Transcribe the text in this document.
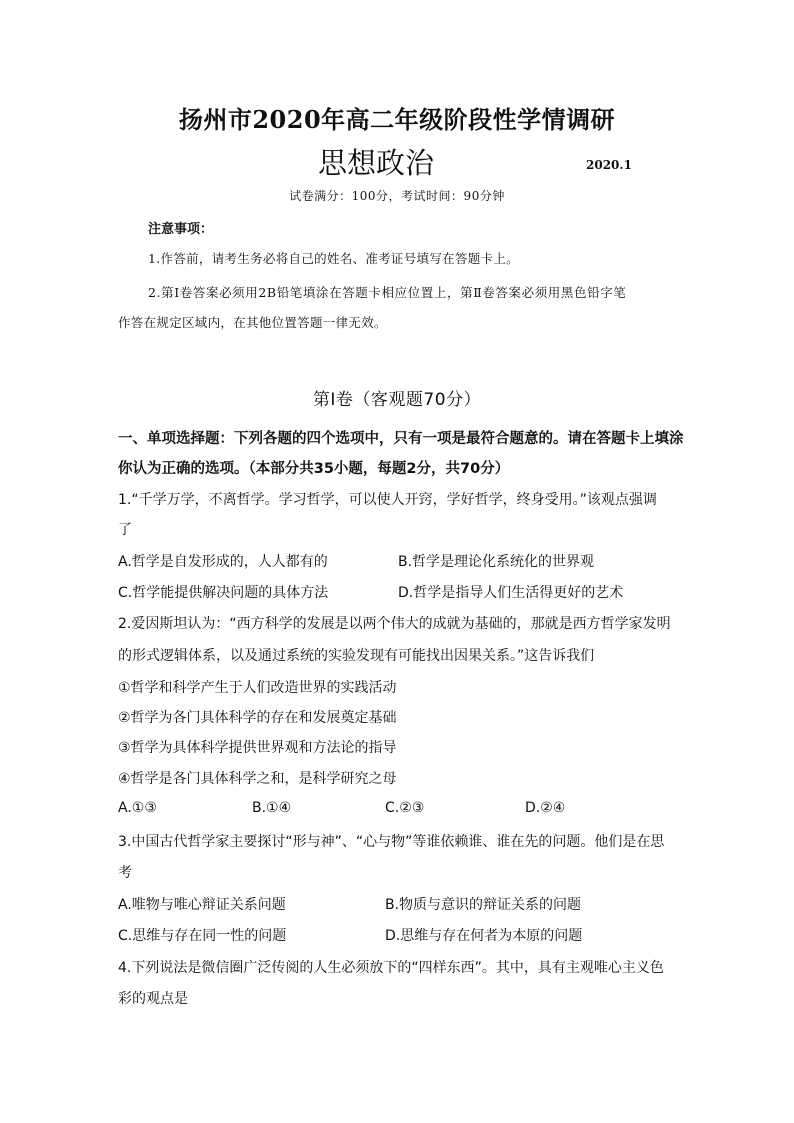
扬州市2020年高二年级阶段性学情调研
思想政治	2020.1
试卷满分：100分，考试时间：90分钟
注意事项：
1.作答前，请考生务必将自己的姓名、准考证号填写在答题卡上。
2.第Ⅰ卷答案必须用2B铅笔填涂在答题卡相应位置上，第Ⅱ卷答案必须用黑色铅字笔
作答在规定区域内，在其他位置答题一律无效。
第Ⅰ卷（客观题70分）
一、单项选择题：下列各题的四个选项中，只有一项是最符合题意的。请在答题卡上填涂
你认为正确的选项。（本部分共35小题，每题2分，共70分）
1.“千学万学，不离哲学。学习哲学，可以使人开窍，学好哲学，终身受用。”该观点强调
了
A.哲学是自发形成的，人人都有的	B.哲学是理论化系统化的世界观
C.哲学能提供解决问题的具体方法	D.哲学是指导人们生活得更好的艺术
2.爱因斯坦认为：“西方科学的发展是以两个伟大的成就为基础的，那就是西方哲学家发明
的形式逻辑体系，以及通过系统的实验发现有可能找出因果关系。”这告诉我们
①哲学和科学产生于人们改造世界的实践活动
②哲学为各门具体科学的存在和发展奠定基础
③哲学为具体科学提供世界观和方法论的指导
④哲学是各门具体科学之和，是科学研究之母
A.①③	B.①④	C.②③	D.②④
3.中国古代哲学家主要探讨“形与神”、“心与物”等谁依赖谁、谁在先的问题。他们是在思
考
A.唯物与唯心辩证关系问题	B.物质与意识的辩证关系的问题
C.思维与存在同一性的问题	D.思维与存在何者为本原的问题
4.下列说法是微信圈广泛传阅的人生必须放下的“四样东西”。其中，具有主观唯心主义色
彩的观点是
